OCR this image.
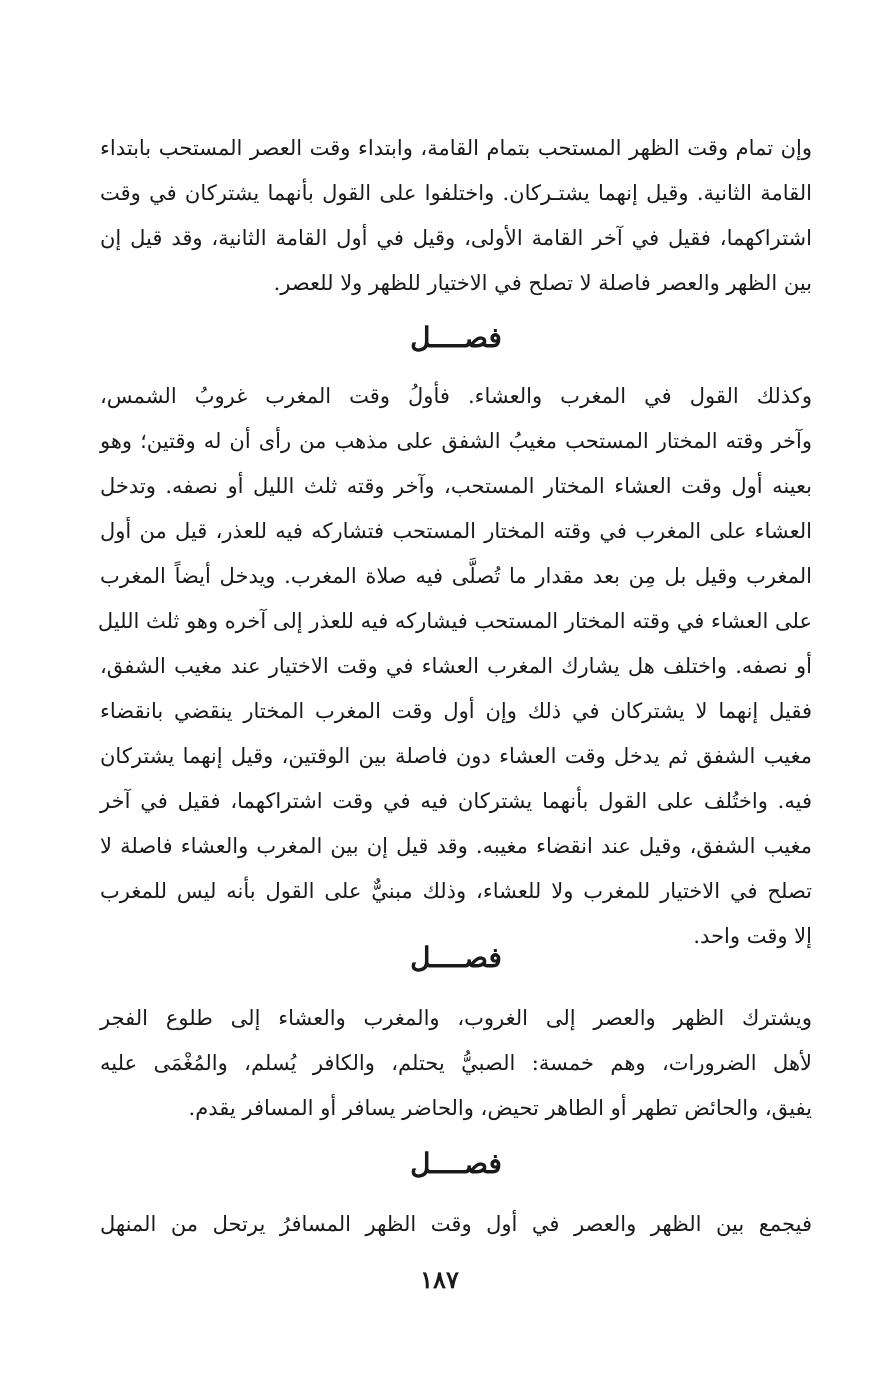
وإن تمام وقت الظهر المستحب بتمام القامة، وابتداء وقت العصر المستحب بابتداء
القامة الثانية. وقيل إنهما يشتـركان. واختلفوا على القول بأنهما يشتركان في وقت
اشتراكهما، فقيل في آخر القامة الأولى، وقيل في أول القامة الثانية، وقد قيل إن
بين الظهر والعصر فاصلة لا تصلح في الاختيار للظهر ولا للعصر.
فصــــل
وكذلك القول في المغرب والعشاء. فأولُ وقت المغرب غروبُ الشمس،
وآخر وقته المختار المستحب مغيبُ الشفق على مذهب من رأى أن له وقتين؛ وهو
بعينه أول وقت العشاء المختار المستحب، وآخر وقته ثلث الليل أو نصفه. وتدخل
العشاء على المغرب في وقته المختار المستحب فتشاركه فيه للعذر، قيل من أول
المغرب وقيل بل مِن بعد مقدار ما تُصلَّى فيه صلاة المغرب. ويدخل أيضاً المغرب
على العشاء في وقته المختار المستحب فيشاركه فيه للعذر إلى آخره وهو ثلث الليل
أو نصفه. واختلف هل يشارك المغرب العشاء في وقت الاختيار عند مغيب الشفق،
فقيل إنهما لا يشتركان في ذلك وإن أول وقت المغرب المختار ينقضي بانقضاء
مغيب الشفق ثم يدخل وقت العشاء دون فاصلة بين الوقتين، وقيل إنهما يشتركان
فيه. واختُلف على القول بأنهما يشتركان فيه في وقت اشتراكهما، فقيل في آخر
مغيب الشفق، وقيل عند انقضاء مغيبه. وقد قيل إن بين المغرب والعشاء فاصلة لا
تصلح في الاختيار للمغرب ولا للعشاء، وذلك مبنيٌّ على القول بأنه ليس للمغرب
إلا وقت واحد.
فصــــل
ويشترك الظهر والعصر إلى الغروب، والمغرب والعشاء إلى طلوع الفجر
لأهل الضرورات، وهم خمسة: الصبيُّ يحتلم، والكافر يُسلم، والمُغْمَى عليه
يفيق، والحائض تطهر أو الطاهر تحيض، والحاضر يسافر أو المسافر يقدم.
فصــــل
فيجمع بين الظهر والعصر في أول وقت الظهر المسافرُ يرتحل من المنهل
١٨٧
